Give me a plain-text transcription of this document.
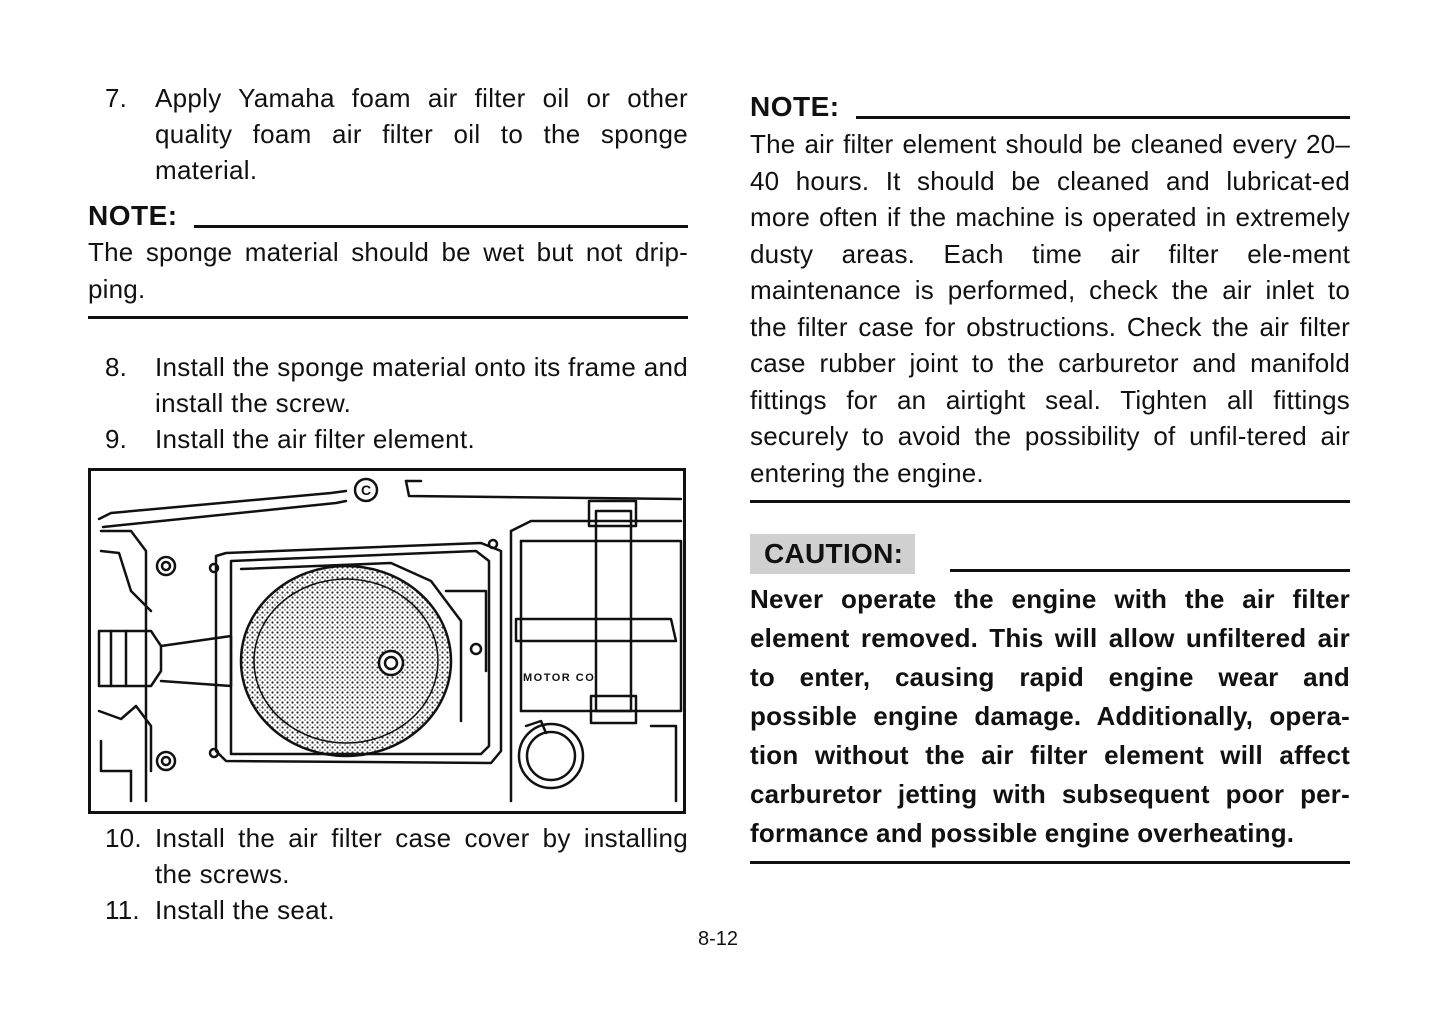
7. Apply Yamaha foam air filter oil or other quality foam air filter oil to the sponge material.
NOTE:
The sponge material should be wet but not drip-ping.
8. Install the sponge material onto its frame and install the screw.
9. Install the air filter element.
C
MOTOR CO
10. Install the air filter case cover by installing the screws.
11. Install the seat.
NOTE:
The air filter element should be cleaned every 20–40 hours. It should be cleaned and lubricat-ed more often if the machine is operated in extremely dusty areas. Each time air filter ele-ment maintenance is performed, check the air inlet to the filter case for obstructions. Check the air filter case rubber joint to the carburetor and manifold fittings for an airtight seal. Tighten all fittings securely to avoid the possibility of unfil-tered air entering the engine.
CAUTION:
Never operate the engine with the air filter element removed. This will allow unfiltered air to enter, causing rapid engine wear and possible engine damage. Additionally, opera-tion without the air filter element will affect carburetor jetting with subsequent poor per-formance and possible engine overheating.
8-12
